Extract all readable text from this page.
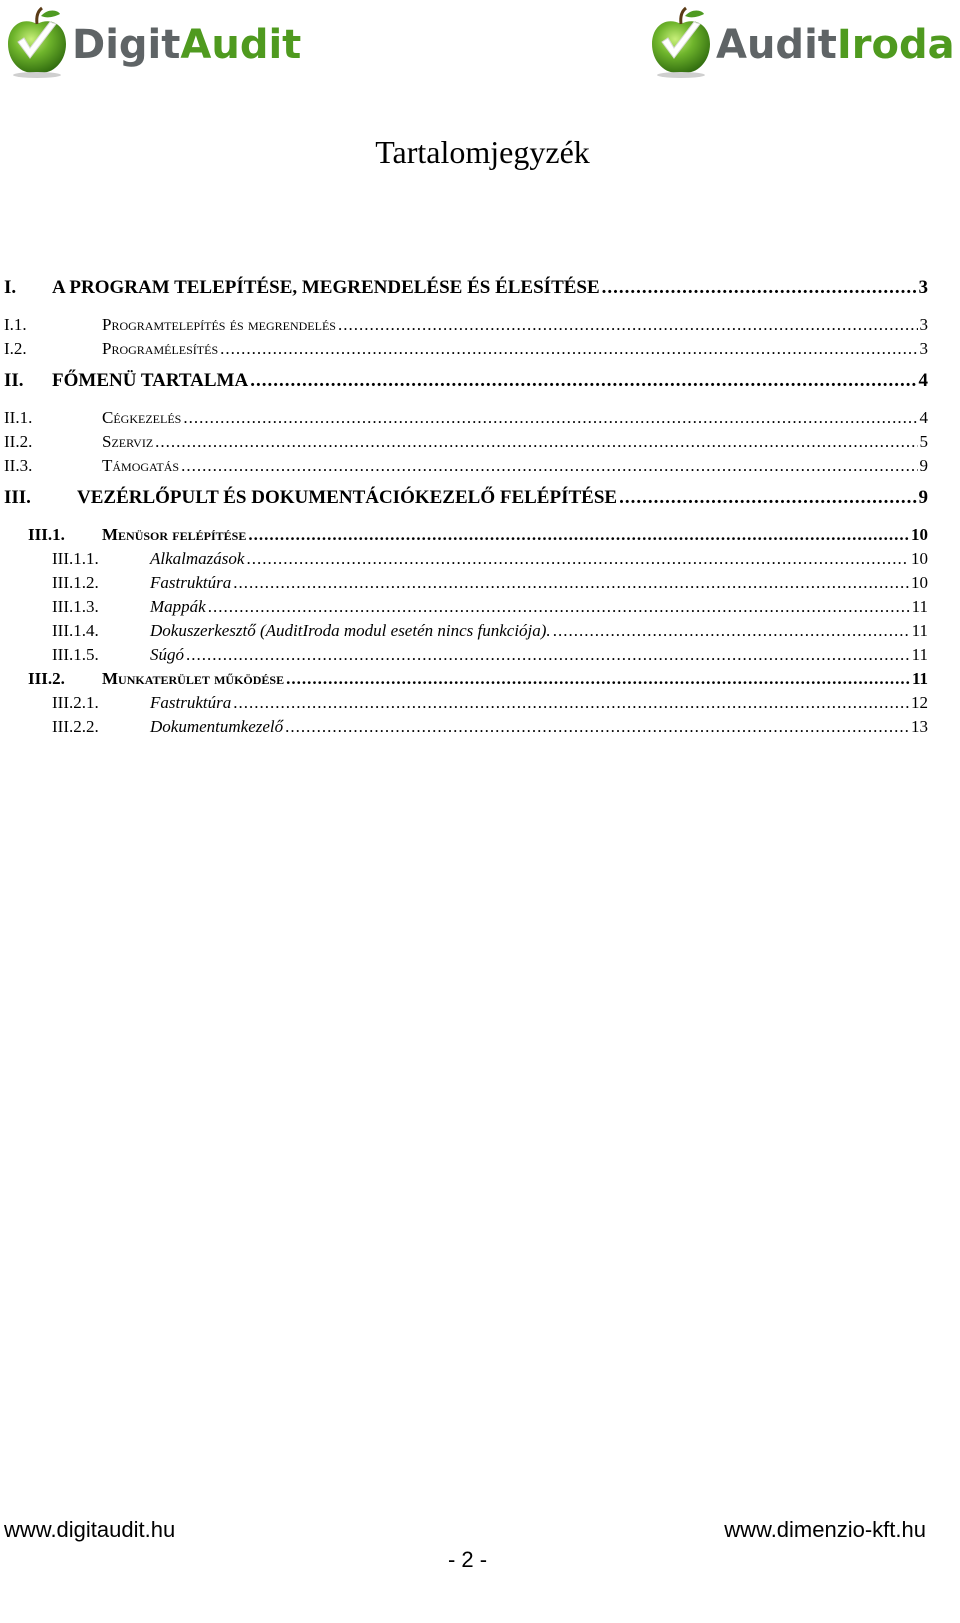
DigitAudit	AuditIroda
Tartalomjegyzék
I.	A PROGRAM TELEPÍTÉSE, MEGRENDELÉSE ÉS ÉLESÍTÉSE .....	3
I.1.	Programtelepítés és megrendelés .....	3
I.2.	Programélesítés .....	3
II.	FŐMENÜ TARTALMA .....	4
II.1.	Cégkezelés .....	4
II.2.	Szerviz .....	5
II.3.	Támogatás .....	9
III.	VEZÉRLŐPULT ÉS DOKUMENTÁCIÓKEZELŐ FELÉPÍTÉSE .....	9
III.1.	Menüsor felépítése .....	10
III.1.1.	Alkalmazások .....	10
III.1.2.	Fastruktúra .....	10
III.1.3.	Mappák .....	11
III.1.4.	Dokuszerkesztő (AuditIroda modul esetén nincs funkciója). .....	11
III.1.5.	Súgó .....	11
III.2.	Munkaterület működése .....	11
III.2.1.	Fastruktúra .....	12
III.2.2.	Dokumentumkezelő .....	13
www.digitaudit.hu	www.dimenzio-kft.hu
- 2 -
